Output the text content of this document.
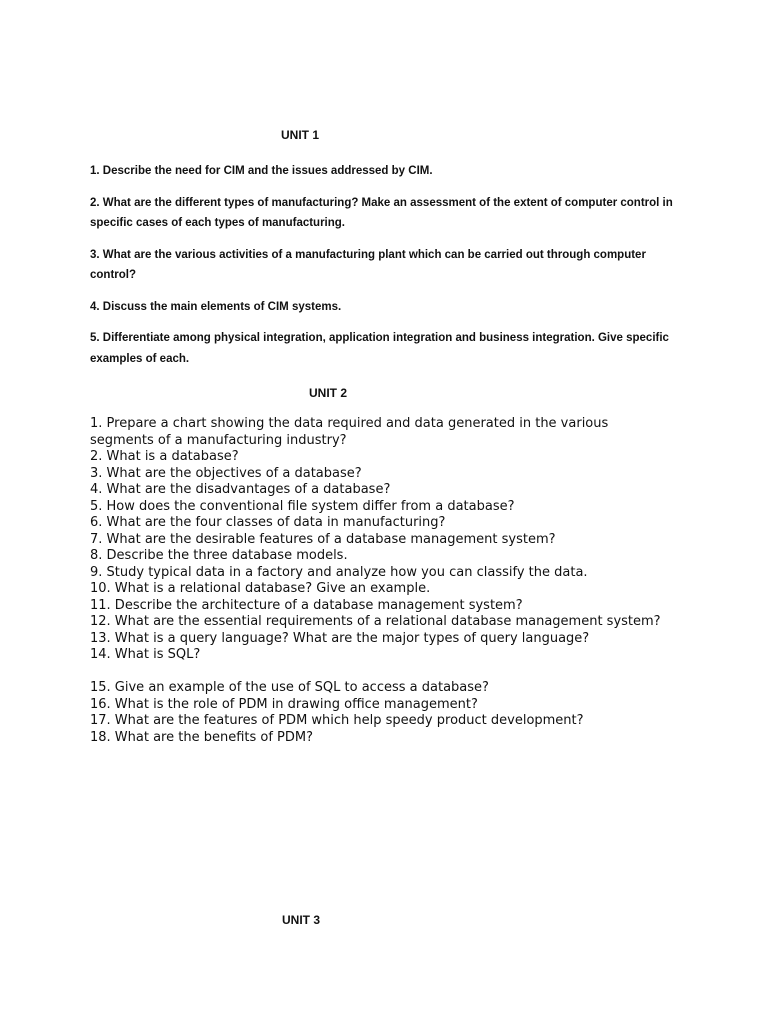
UNIT 1

1. Describe the need for CIM and the issues addressed by CIM.
2. What are the different types of manufacturing? Make an assessment of the extent of computer control in specific cases of each types of manufacturing.
3. What are the various activities of a manufacturing plant which can be carried out through computer control?
4. Discuss the main elements of CIM systems.
5. Differentiate among physical integration, application integration and business integration. Give specific examples of each.

UNIT 2

1. Prepare a chart showing the data required and data generated in the various segments of a manufacturing industry?
2. What is a database?
3. What are the objectives of a database?
4. What are the disadvantages of a database?
5. How does the conventional file system differ from a database?
6. What are the four classes of data in manufacturing?
7. What are the desirable features of a database management system?
8. Describe the three database models.
9. Study typical data in a factory and analyze how you can classify the data.
10. What is a relational database? Give an example.
11. Describe the architecture of a database management system?
12. What are the essential requirements of a relational database management system?
13. What is a query language? What are the major types of query language?
14. What is SQL?
15. Give an example of the use of SQL to access a database?
16. What is the role of PDM in drawing office management?
17. What are the features of PDM which help speedy product development?
18. What are the benefits of PDM?

UNIT 3
